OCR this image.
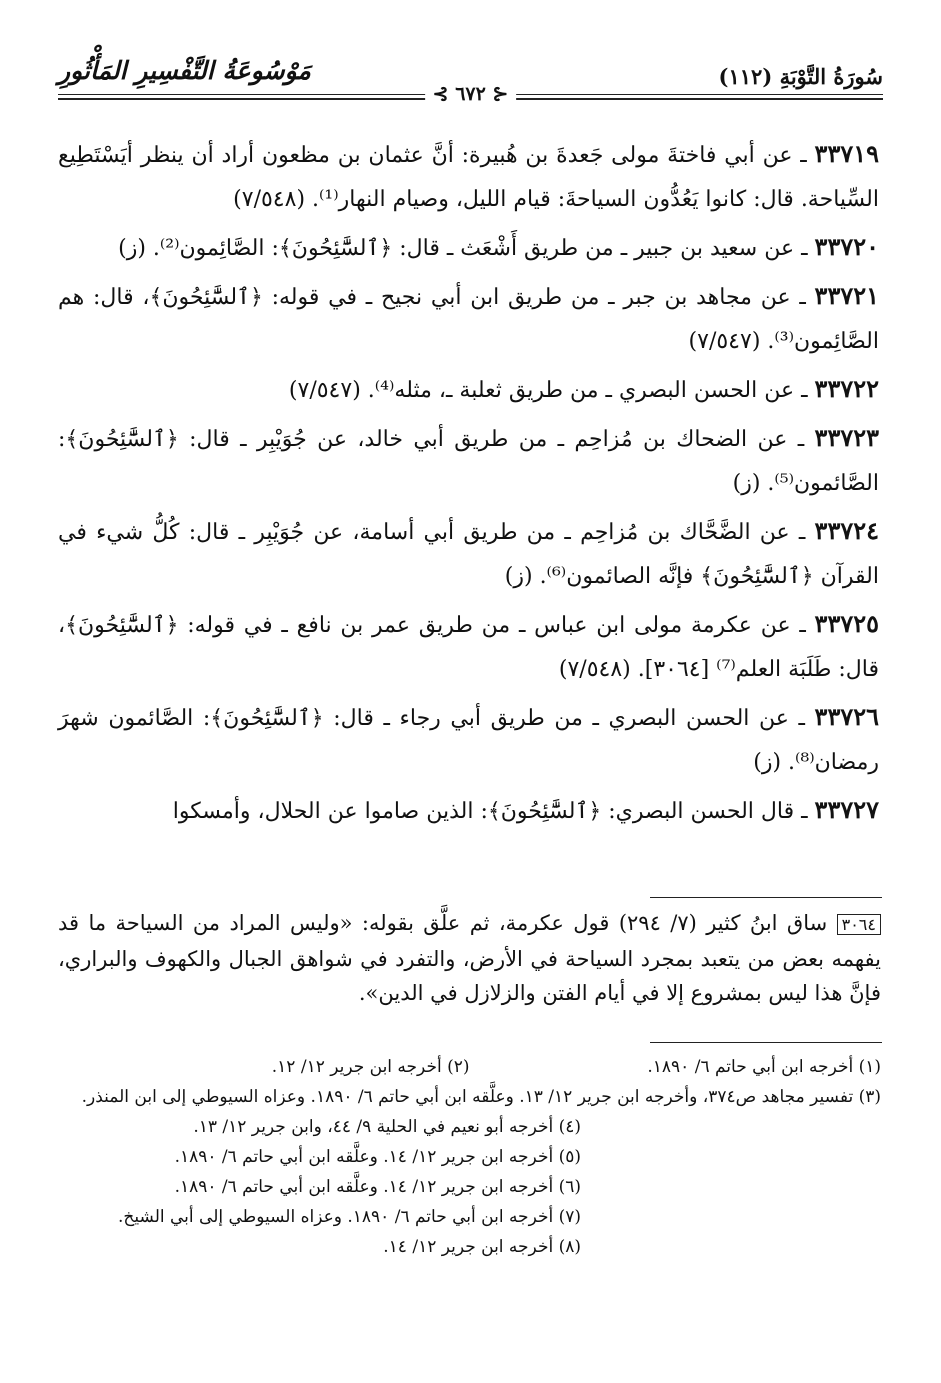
سُورَةُ التَّوْبَةِ (١١٢)
مَوْسُوعَةُ التَّفْسِيرِ المَأْثُورِ
⊰ ٦٧٢ ⊱

٣٣٧١٩ ـ عن أبي فاختةَ مولى جَعدةَ بن هُبيرة: أنَّ عثمان بن مظعون أراد أن ينظر أيَسْتَطِيع السِّياحة. قال: كانوا يَعُدُّون السياحةَ: قيام الليل، وصيام النهار⁽¹⁾. (٧/٥٤٨)

٣٣٧٢٠ ـ عن سعيد بن جبير ـ من طريق أَشْعَث ـ قال: ﴿ٱلسَّٰٓئِحُونَ﴾: الصَّائِمون⁽²⁾. (ز)

٣٣٧٢١ ـ عن مجاهد بن جبر ـ من طريق ابن أبي نجيح ـ في قوله: ﴿ٱلسَّٰٓئِحُونَ﴾، قال: هم الصَّائِمون⁽³⁾. (٧/٥٤٧)

٣٣٧٢٢ ـ عن الحسن البصري ـ من طريق ثعلبة ـ، مثله⁽⁴⁾. (٧/٥٤٧)

٣٣٧٢٣ ـ عن الضحاك بن مُزاحِم ـ من طريق أبي خالد، عن جُوَيْبِر ـ قال: ﴿ٱلسَّٰٓئِحُونَ﴾: الصَّائمون⁽⁵⁾. (ز)

٣٣٧٢٤ ـ عن الضَّحَّاك بن مُزاحِم ـ من طريق أبي أسامة، عن جُوَيْبِر ـ قال: كُلُّ شيء في القرآن ﴿ٱلسَّٰٓئِحُونَ﴾ فإنَّه الصائمون⁽⁶⁾. (ز)

٣٣٧٢٥ ـ عن عكرمة مولى ابن عباس ـ من طريق عمر بن نافع ـ في قوله: ﴿ٱلسَّٰٓئِحُونَ﴾، قال: طَلَبَة العلم⁽⁷⁾ [٣٠٦٤]. (٧/٥٤٨)

٣٣٧٢٦ ـ عن الحسن البصري ـ من طريق أبي رجاء ـ قال: ﴿ٱلسَّٰٓئِحُونَ﴾: الصَّائمون شهرَ رمضان⁽⁸⁾. (ز)

٣٣٧٢٧ ـ قال الحسن البصري: ﴿ٱلسَّٰٓئِحُونَ﴾: الذين صاموا عن الحلال، وأمسكوا

٣٠٦٤ ساق ابنُ كثير (٧/ ٢٩٤) قول عكرمة، ثم علَّق بقوله: «وليس المراد من السياحة ما قد يفهمه بعض من يتعبد بمجرد السياحة في الأرض، والتفرد في شواهق الجبال والكهوف والبراري، فإنَّ هذا ليس بمشروع إلا في أيام الفتن والزلازل في الدين».
(١) أخرجه ابن أبي حاتم ٦/ ١٨٩٠.
(٢) أخرجه ابن جرير ١٢/ ١٢.

(٣) تفسير مجاهد ص٣٧٤، وأخرجه ابن جرير ١٢/ ١٣. وعلَّقه ابن أبي حاتم ٦/ ١٨٩٠. وعزاه السيوطي إلى ابن المنذر.

(٤) أخرجه أبو نعيم في الحلية ٩/ ٤٤، وابن جرير ١٢/ ١٣.

(٥) أخرجه ابن جرير ١٢/ ١٤. وعلَّقه ابن أبي حاتم ٦/ ١٨٩٠.

(٦) أخرجه ابن جرير ١٢/ ١٤. وعلَّقه ابن أبي حاتم ٦/ ١٨٩٠.

(٧) أخرجه ابن أبي حاتم ٦/ ١٨٩٠. وعزاه السيوطي إلى أبي الشيخ.

(٨) أخرجه ابن جرير ١٢/ ١٤.
